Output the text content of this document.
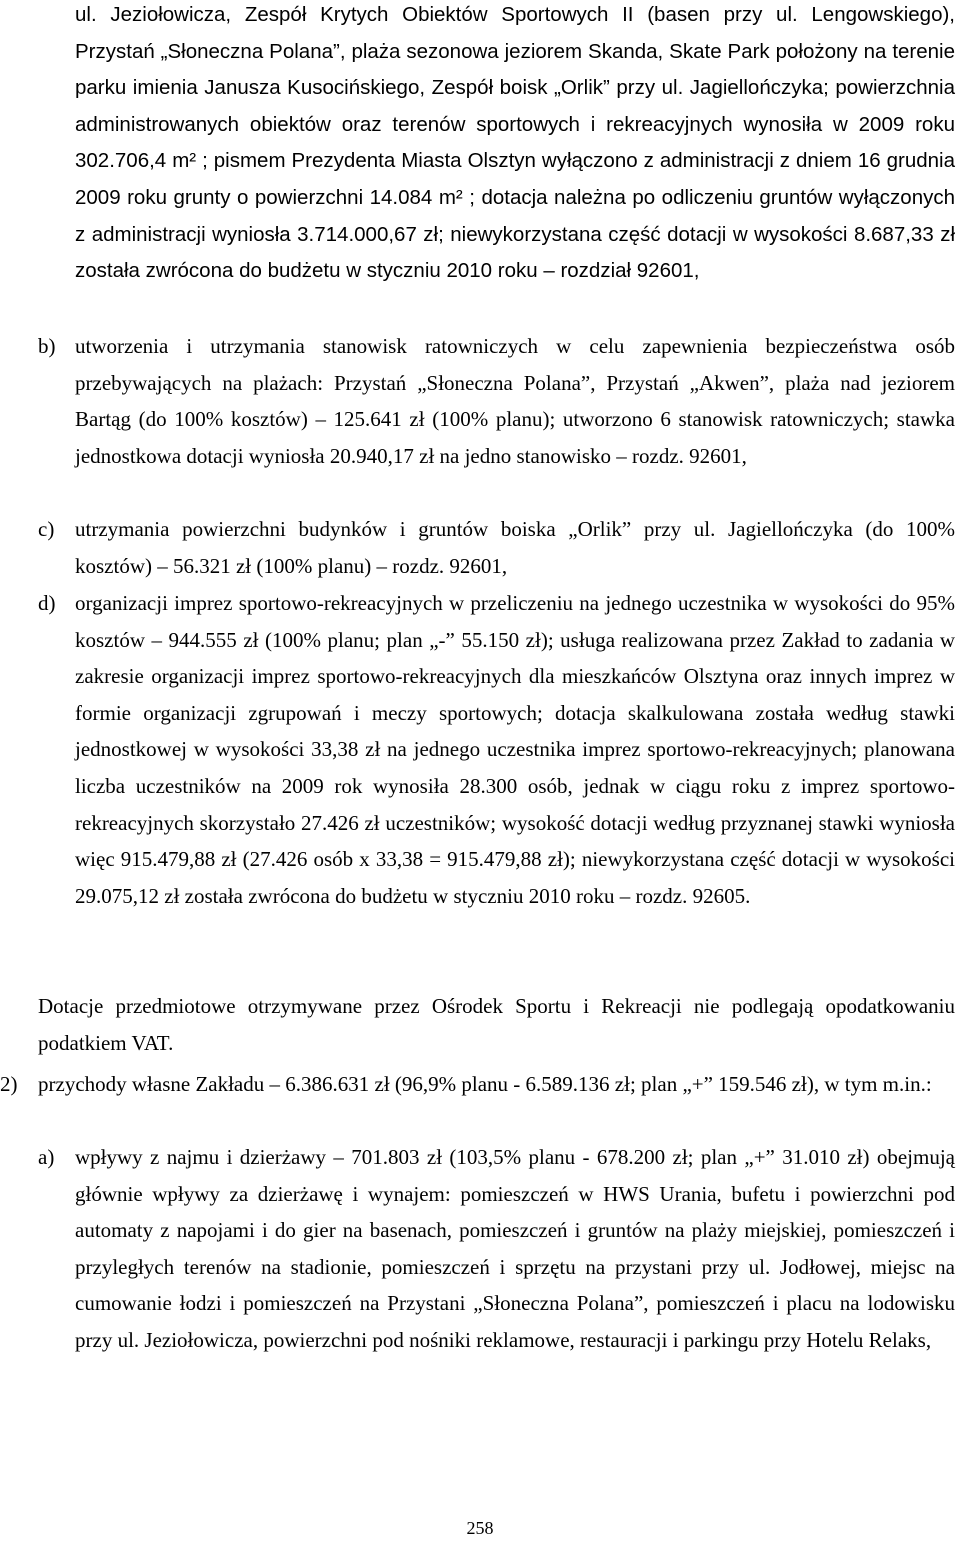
ul. Jeziołowicza, Zespół Krytych Obiektów Sportowych II (basen przy ul. Lengowskiego), Przystań „Słoneczna Polana”, plaża sezonowa jeziorem Skanda, Skate Park położony na terenie parku imienia Janusza Kusocińskiego, Zespół boisk „Orlik” przy ul. Jagiellończyka; powierzchnia administrowanych obiektów oraz terenów sportowych i rekreacyjnych wynosiła w 2009 roku 302.706,4 m² ; pismem Prezydenta Miasta Olsztyn wyłączono z administracji z dniem 16 grudnia 2009 roku grunty o powierzchni 14.084 m² ; dotacja należna po odliczeniu gruntów wyłączonych z administracji wyniosła 3.714.000,67 zł; niewykorzystana część dotacji w wysokości 8.687,33 zł została zwrócona do budżetu w styczniu 2010 roku – rozdział 92601,

b) utworzenia i utrzymania stanowisk ratowniczych w celu zapewnienia bezpieczeństwa osób przebywających na plażach: Przystań „Słoneczna Polana”, Przystań „Akwen”, plaża nad jeziorem Bartąg (do 100% kosztów) – 125.641 zł (100% planu); utworzono 6 stanowisk ratowniczych; stawka jednostkowa dotacji wyniosła 20.940,17 zł na jedno stanowisko – rozdz. 92601,

c) utrzymania powierzchni budynków i gruntów boiska „Orlik” przy ul. Jagiellończyka (do 100% kosztów) – 56.321 zł (100% planu) – rozdz. 92601,

d) organizacji imprez sportowo-rekreacyjnych w przeliczeniu na jednego uczestnika w wysokości do 95% kosztów – 944.555 zł (100% planu; plan „-” 55.150 zł); usługa realizowana przez Zakład to zadania w zakresie organizacji imprez sportowo-rekreacyjnych dla mieszkańców Olsztyna oraz innych imprez w formie organizacji zgrupowań i meczy sportowych; dotacja skalkulowana została według stawki jednostkowej w wysokości 33,38 zł na jednego uczestnika imprez sportowo-rekreacyjnych; planowana liczba uczestników na 2009 rok wynosiła 28.300 osób, jednak w ciągu roku z imprez sportowo-rekreacyjnych skorzystało 27.426 zł uczestników; wysokość dotacji według przyznanej stawki wyniosła więc 915.479,88 zł (27.426 osób x 33,38 = 915.479,88 zł); niewykorzystana część dotacji w wysokości 29.075,12 zł została zwrócona do budżetu w styczniu 2010 roku – rozdz. 92605.

Dotacje przedmiotowe otrzymywane przez Ośrodek Sportu i Rekreacji nie podlegają opodatkowaniu podatkiem VAT.

2) przychody własne Zakładu – 6.386.631 zł (96,9% planu - 6.589.136 zł; plan „+” 159.546 zł), w tym m.in.:

a) wpływy z najmu i dzierżawy – 701.803 zł (103,5% planu - 678.200 zł; plan „+” 31.010 zł) obejmują głównie wpływy za dzierżawę i wynajem: pomieszczeń w HWS Urania, bufetu i powierzchni pod automaty z napojami i do gier na basenach, pomieszczeń i gruntów na plaży miejskiej, pomieszczeń i przyległych terenów na stadionie, pomieszczeń i sprzętu na przystani przy ul. Jodłowej, miejsc na cumowanie łodzi i pomieszczeń na Przystani „Słoneczna Polana”, pomieszczeń i placu na lodowisku przy ul. Jeziołowicza, powierzchni pod nośniki reklamowe, restauracji i parkingu przy Hotelu Relaks,

258
